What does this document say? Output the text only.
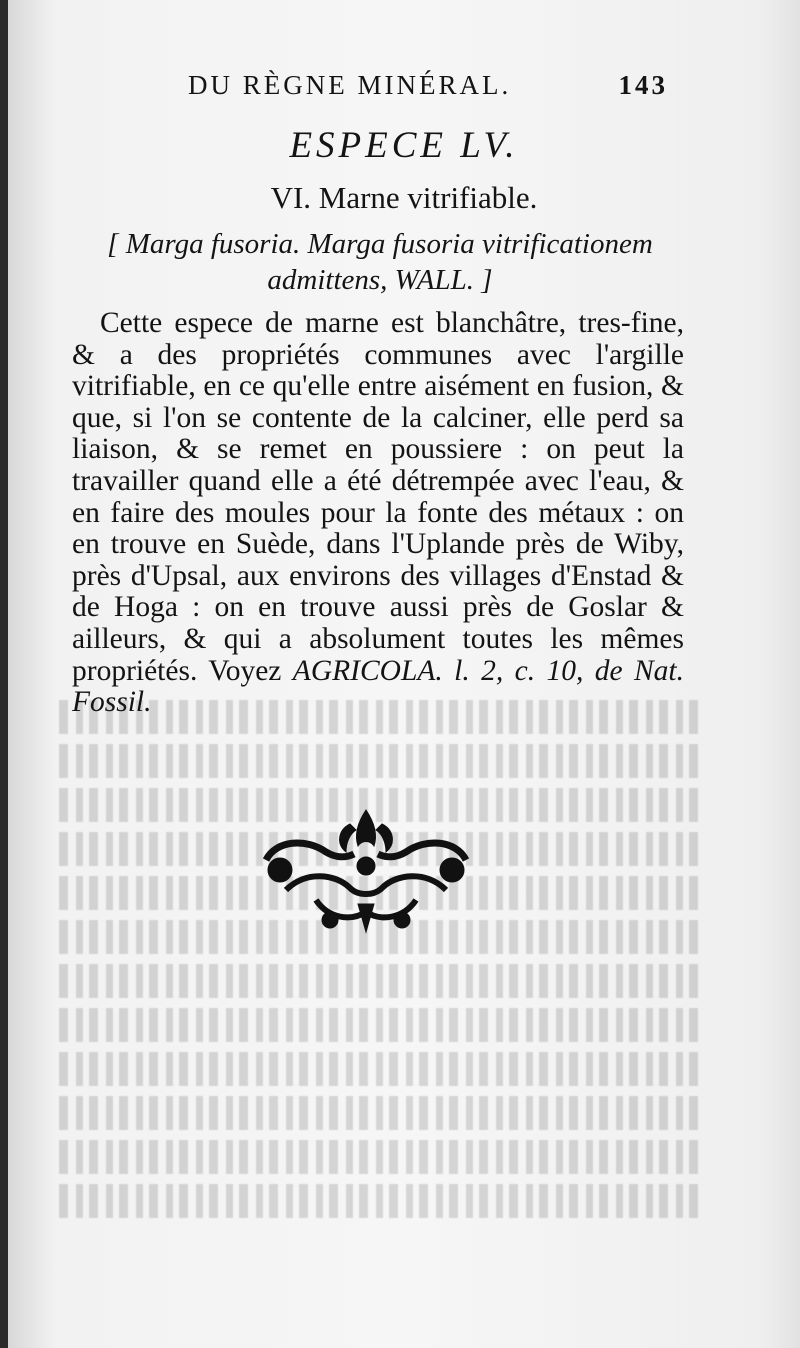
DU RÈGNE MINÉRAL.	143
ESPECE LV.
VI. Marne vitrifiable.
[ Marga fusoria. Marga fusoria vitrificationem admittens, WALL. ]
Cette espece de marne est blanchâtre, tres-fine, & a des propriétés communes avec l'argille vitrifiable, en ce qu'elle entre aisément en fusion, & que, si l'on se contente de la calciner, elle perd sa liaison, & se remet en poussiere : on peut la travailler quand elle a été détrempée avec l'eau, & en faire des moules pour la fonte des métaux : on en trouve en Suède, dans l'Uplande près de Wiby, près d'Upsal, aux environs des villages d'Enstad & de Hoga : on en trouve aussi près de Goslar & ailleurs, & qui a absolument toutes les mêmes propriétés. Voyez AGRICOLA. l. 2, c. 10, de Nat. Fossil.
